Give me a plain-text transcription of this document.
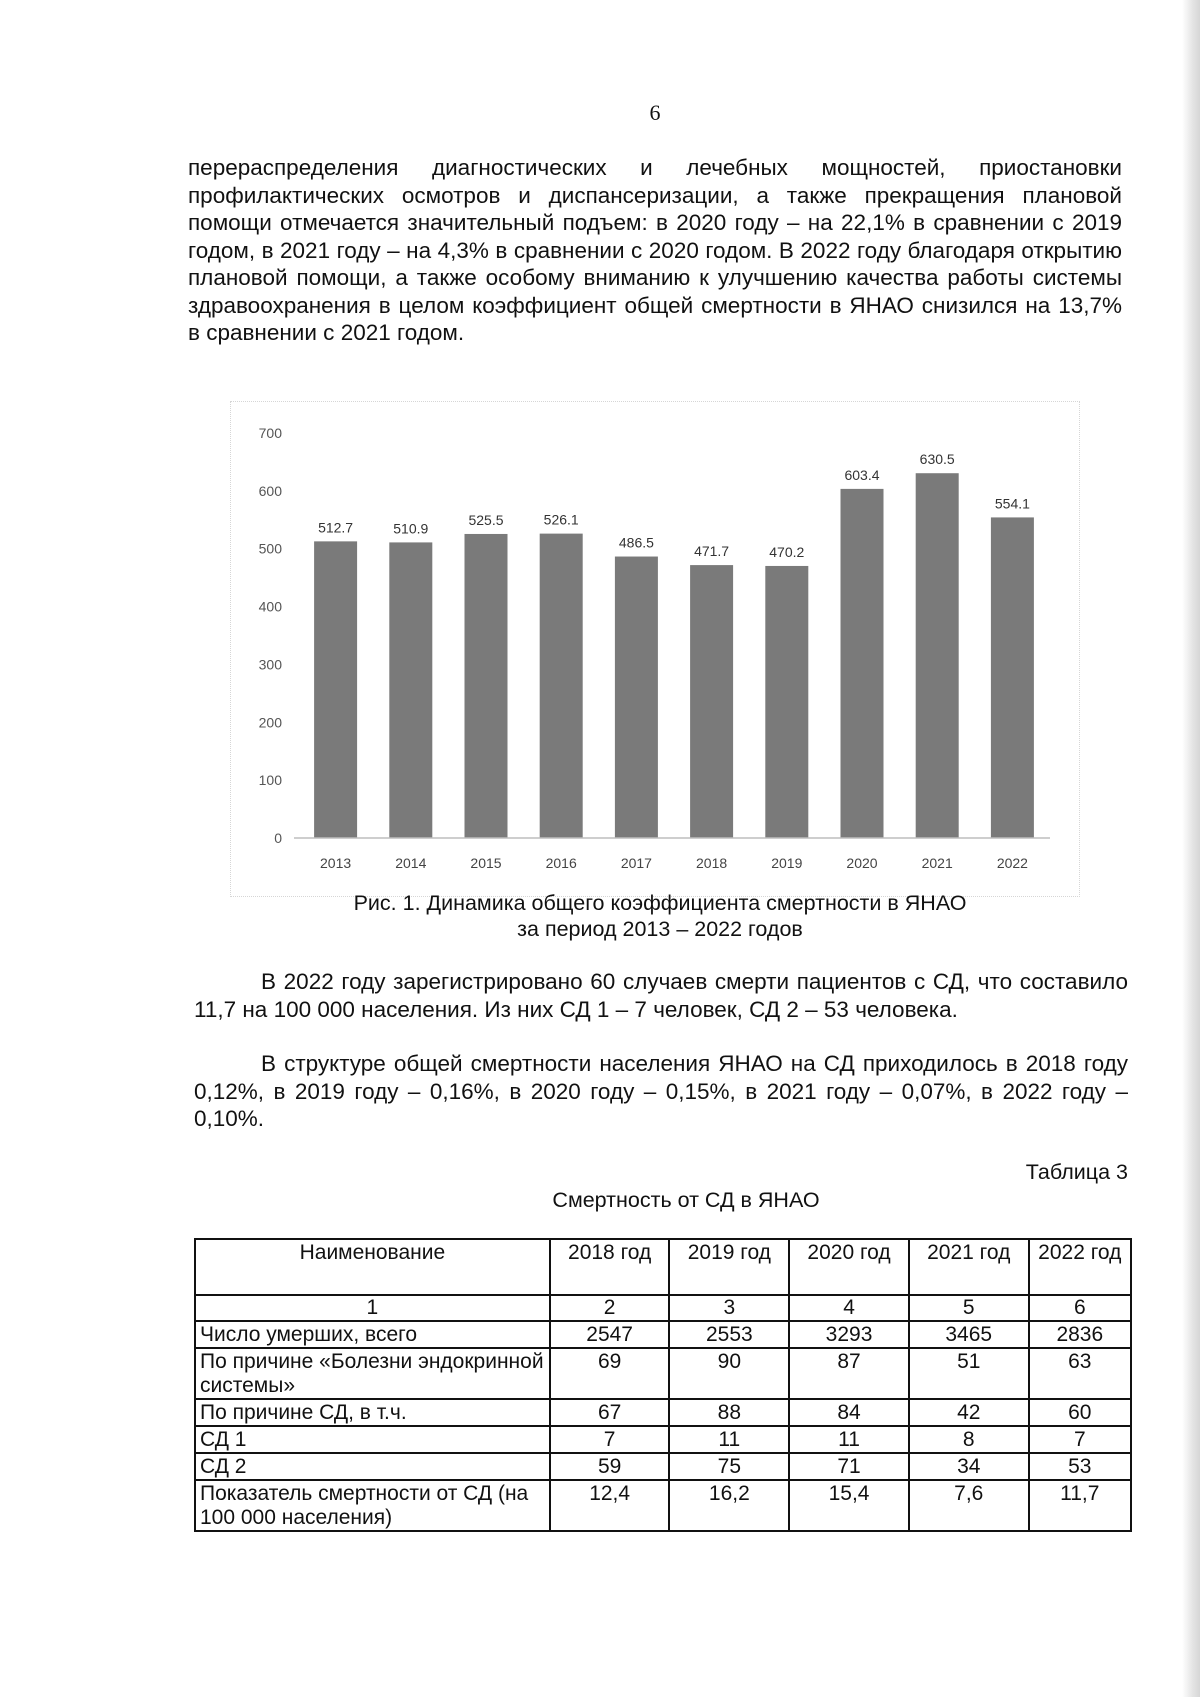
6

перераспределения диагностических и лечебных мощностей, приостановки профилактических осмотров и диспансеризации, а также прекращения плановой помощи отмечается значительный подъем: в 2020 году – на 22,1% в сравнении с 2019 годом, в 2021 году – на 4,3% в сравнении с 2020 годом. В 2022 году благодаря открытию плановой помощи, а также особому вниманию к улучшению качества работы системы здравоохранения в целом коэффициент общей смертности в ЯНАО снизился на 13,7% в сравнении с 2021 годом.

0
100
200
300
400
500
600
700
512.7	510.9
525.5	526.1
486.5
471.7	470.2
603.4
630.5
554.1
2013	2014	2015	2016	2017	2018	2019	2020	2021	2022
Рис. 1. Динамика общего коэффициента смертности в ЯНАО
за период 2013 – 2022 годов

В 2022 году зарегистрировано 60 случаев смерти пациентов с СД, что составило 11,7 на 100 000 населения. Из них СД 1 – 7 человек, СД 2 – 53 человека.

В структуре общей смертности населения ЯНАО на СД приходилось в 2018 году 0,12%, в 2019 году – 0,16%, в 2020 году – 0,15%, в 2021 году – 0,07%, в 2022 году – 0,10%.

Таблица 3
Смертность от СД в ЯНАО
Наименование	2018 год	2019 год	2020 год	2021 год	2022 год
1	2	3	4	5	6
Число умерших, всего	2547	2553	3293	3465	2836
По причине «Болезни эндокринной системы»	69	90	87	51	63
По причине СД, в т.ч.	67	88	84	42	60
СД 1	7	11	11	8	7
СД 2	59	75	71	34	53
Показатель смертности от СД (на 100 000 населения)	12,4	16,2	15,4	7,6	11,7
